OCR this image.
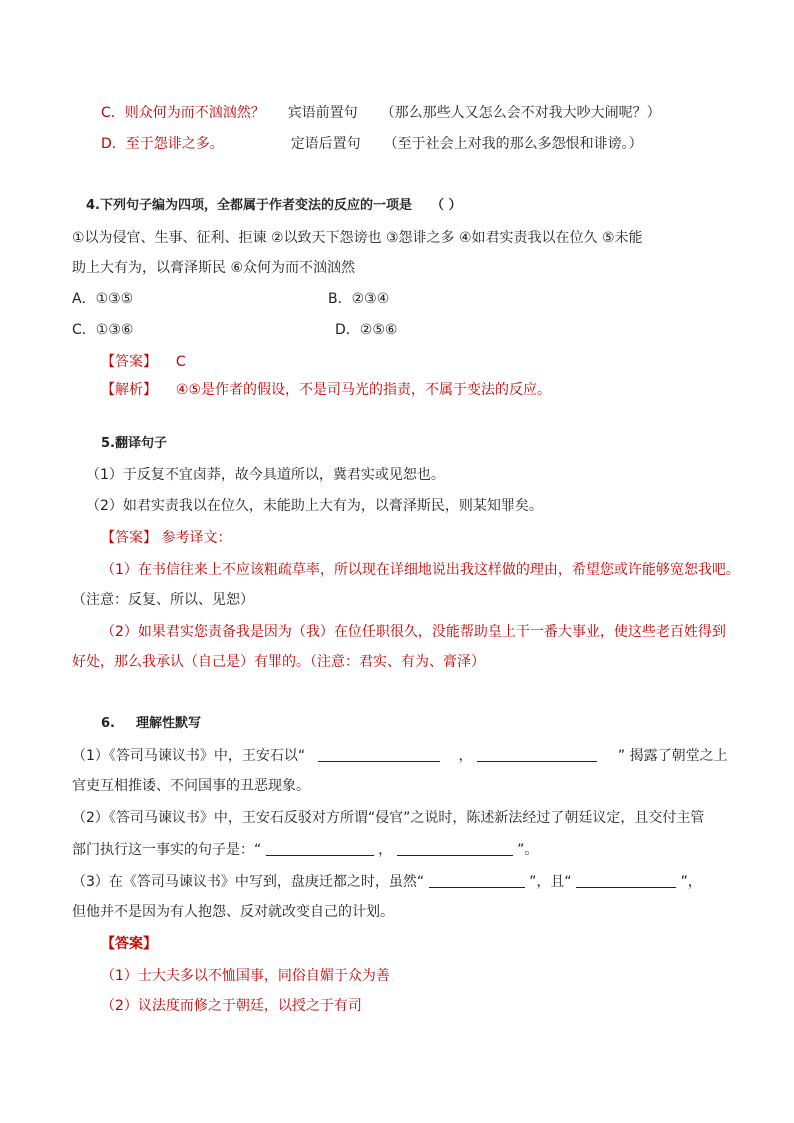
C．则众何为而不汹汹然？ 宾语前置句 （那么那些人又怎么会不对我大吵大闹呢？）
D．至于怨诽之多。	定语后置句 （至于社会上对我的那么多怨恨和诽谤。）
4.下列句子编为四项，全都属于作者变法的反应的一项是 （ ）
①以为侵官、生事、征利、拒谏 ②以致天下怨谤也 ③怨诽之多 ④如君实责我以在位久 ⑤未能
助上大有为，以膏泽斯民 ⑥众何为而不汹汹然
A．①③⑤	B．②③④
C．①③⑥	D．②⑤⑥
【答案】 C
【解析】 ④⑤是作者的假设，不是司马光的指责，不属于变法的反应。
5.翻译句子
（1）于反复不宜卤莽，故今具道所以，冀君实或见恕也。
（2）如君实责我以在位久，未能助上大有为，以膏泽斯民，则某知罪矣。
【答案】 参考译文：
（1）在书信往来上不应该粗疏草率，所以现在详细地说出我这样做的理由，希望您或许能够宽恕我吧。
（注意：反复、所以、见恕）
（2）如果君实您责备我是因为（我）在位任职很久，没能帮助皇上干一番大事业，使这些老百姓得到
好处，那么我承认（自己是）有罪的。（注意：君实、有为、膏泽）
6. 理解性默写
（1）《答司马谏议书》中，王安石以“	，	” 揭露了朝堂之上
官吏互相推诿、不问国事的丑恶现象。
（2）《答司马谏议书》中，王安石反驳对方所谓“侵官”之说时，陈述新法经过了朝廷议定，且交付主管
部门执行这一事实的句子是：“	，	”。
（3）在《答司马谏议书》中写到，盘庚迁都之时，虽然“	”，且“	”，
但他并不是因为有人抱怨、反对就改变自己的计划。
【答案】
（1）士大夫多以不恤国事，同俗自媚于众为善
（2）议法度而修之于朝廷，以授之于有司
